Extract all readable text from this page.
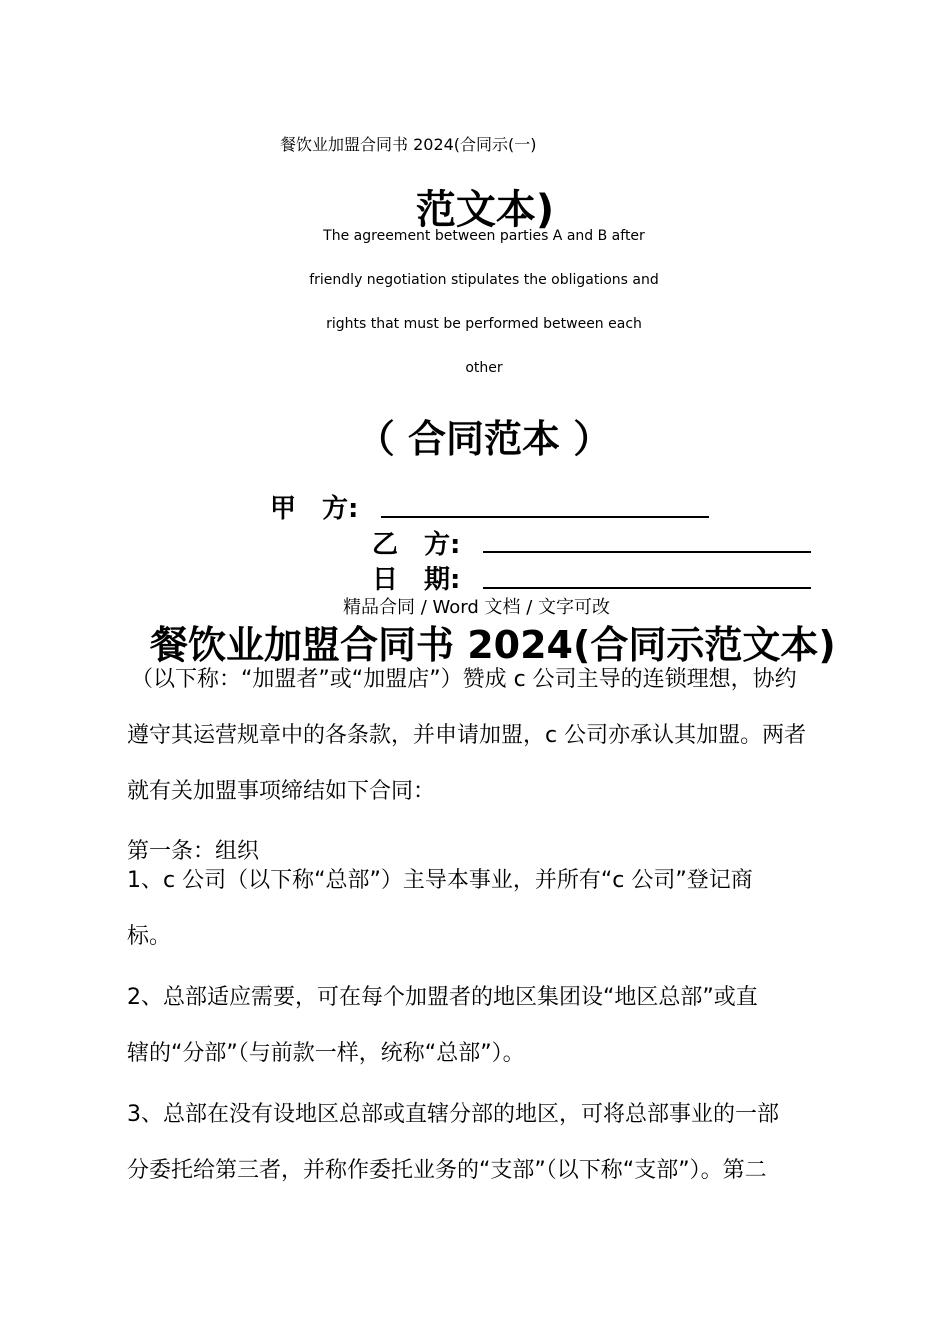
餐饮业加盟合同书 2024(合同示(一)
范文本)
The agreement between parties A and B after
friendly negotiation stipulates the obligations and
rights that must be performed between each
other
（ 合同范本 ）
甲　方:
乙　方:
日　期:
精品合同 / Word 文档 / 文字可改
餐饮业加盟合同书 2024(合同示范文本)
（以下称：“加盟者”或“加盟店”）赞成 c 公司主导的连锁理想，协约
遵守其运营规章中的各条款，并申请加盟，c 公司亦承认其加盟。两者
就有关加盟事项缔结如下合同：
第一条：组织
1、c 公司（以下称“总部”）主导本事业，并所有“c 公司”登记商
标。
2、总部适应需要，可在每个加盟者的地区集团设“地区总部”或直
辖的“分部”（与前款一样，统称“总部”）。
3、总部在没有设地区总部或直辖分部的地区，可将总部事业的一部
分委托给第三者，并称作委托业务的“支部”（以下称“支部”）。第二
